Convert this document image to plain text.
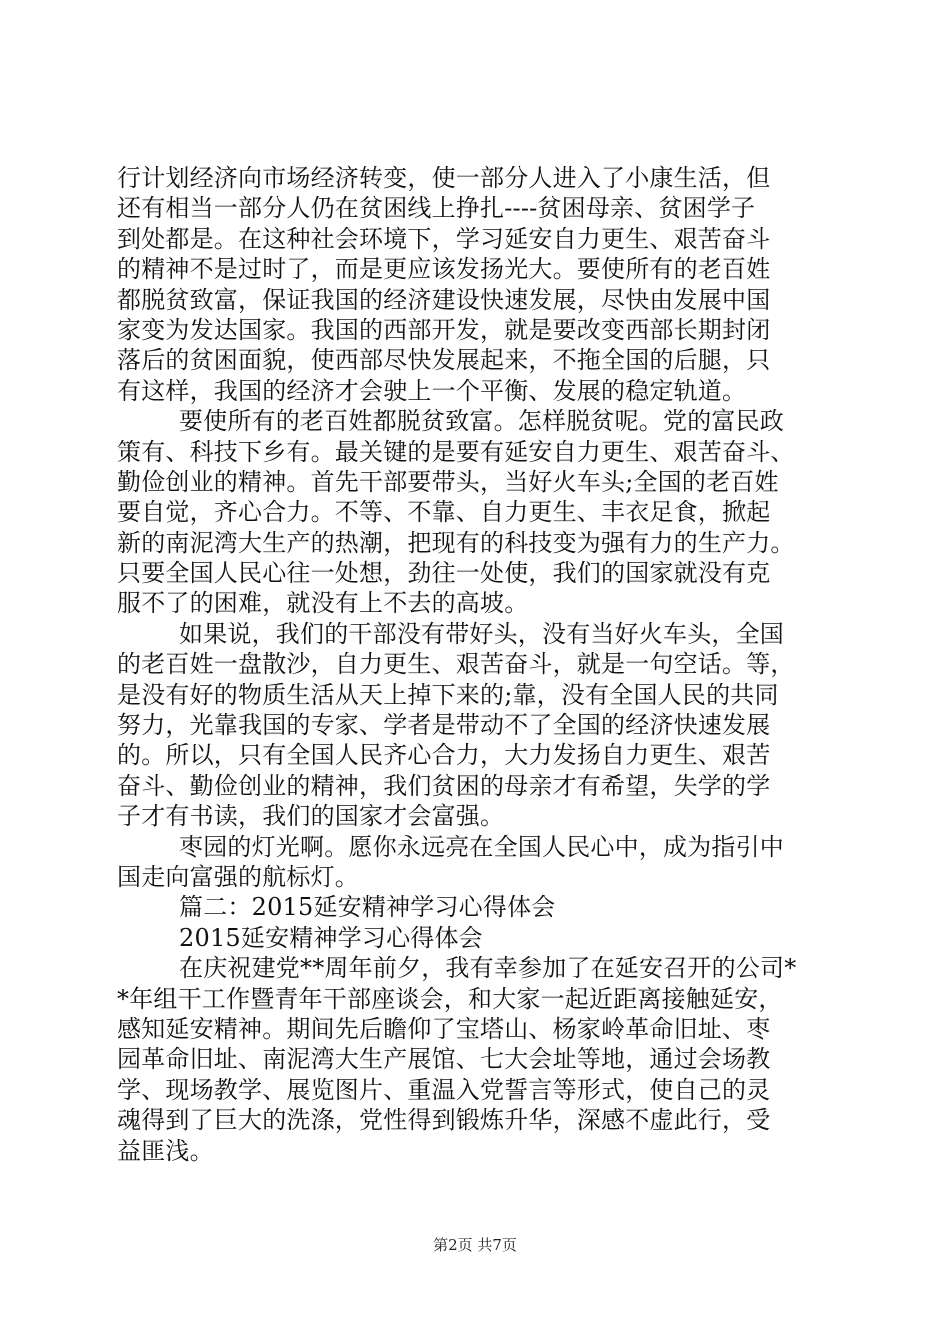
行计划经济向市场经济转变，使一部分人进入了小康生活，但
还有相当一部分人仍在贫困线上挣扎----贫困母亲、贫困学子
到处都是。在这种社会环境下，学习延安自力更生、艰苦奋斗
的精神不是过时了，而是更应该发扬光大。要使所有的老百姓
都脱贫致富，保证我国的经济建设快速发展，尽快由发展中国
家变为发达国家。我国的西部开发，就是要改变西部长期封闭
落后的贫困面貌，使西部尽快发展起来，不拖全国的后腿，只
有这样，我国的经济才会驶上一个平衡、发展的稳定轨道。
要使所有的老百姓都脱贫致富。怎样脱贫呢。党的富民政
策有、科技下乡有。最关键的是要有延安自力更生、艰苦奋斗、
勤俭创业的精神。首先干部要带头，当好火车头;全国的老百姓
要自觉，齐心合力。不等、不靠、自力更生、丰衣足食，掀起
新的南泥湾大生产的热潮，把现有的科技变为强有力的生产力。
只要全国人民心往一处想，劲往一处使，我们的国家就没有克
服不了的困难，就没有上不去的高坡。
如果说，我们的干部没有带好头，没有当好火车头，全国
的老百姓一盘散沙，自力更生、艰苦奋斗，就是一句空话。等，
是没有好的物质生活从天上掉下来的;靠，没有全国人民的共同
努力，光靠我国的专家、学者是带动不了全国的经济快速发展
的。所以，只有全国人民齐心合力，大力发扬自力更生、艰苦
奋斗、勤俭创业的精神，我们贫困的母亲才有希望，失学的学
子才有书读，我们的国家才会富强。
枣园的灯光啊。愿你永远亮在全国人民心中，成为指引中
国走向富强的航标灯。
篇二：2015延安精神学习心得体会
2015延安精神学习心得体会
在庆祝建党**周年前夕，我有幸参加了在延安召开的公司*
*年组干工作暨青年干部座谈会，和大家一起近距离接触延安，
感知延安精神。期间先后瞻仰了宝塔山、杨家岭革命旧址、枣
园革命旧址、南泥湾大生产展馆、七大会址等地，通过会场教
学、现场教学、展览图片、重温入党誓言等形式，使自己的灵
魂得到了巨大的洗涤，党性得到锻炼升华，深感不虚此行，受
益匪浅。
第2页 共7页
